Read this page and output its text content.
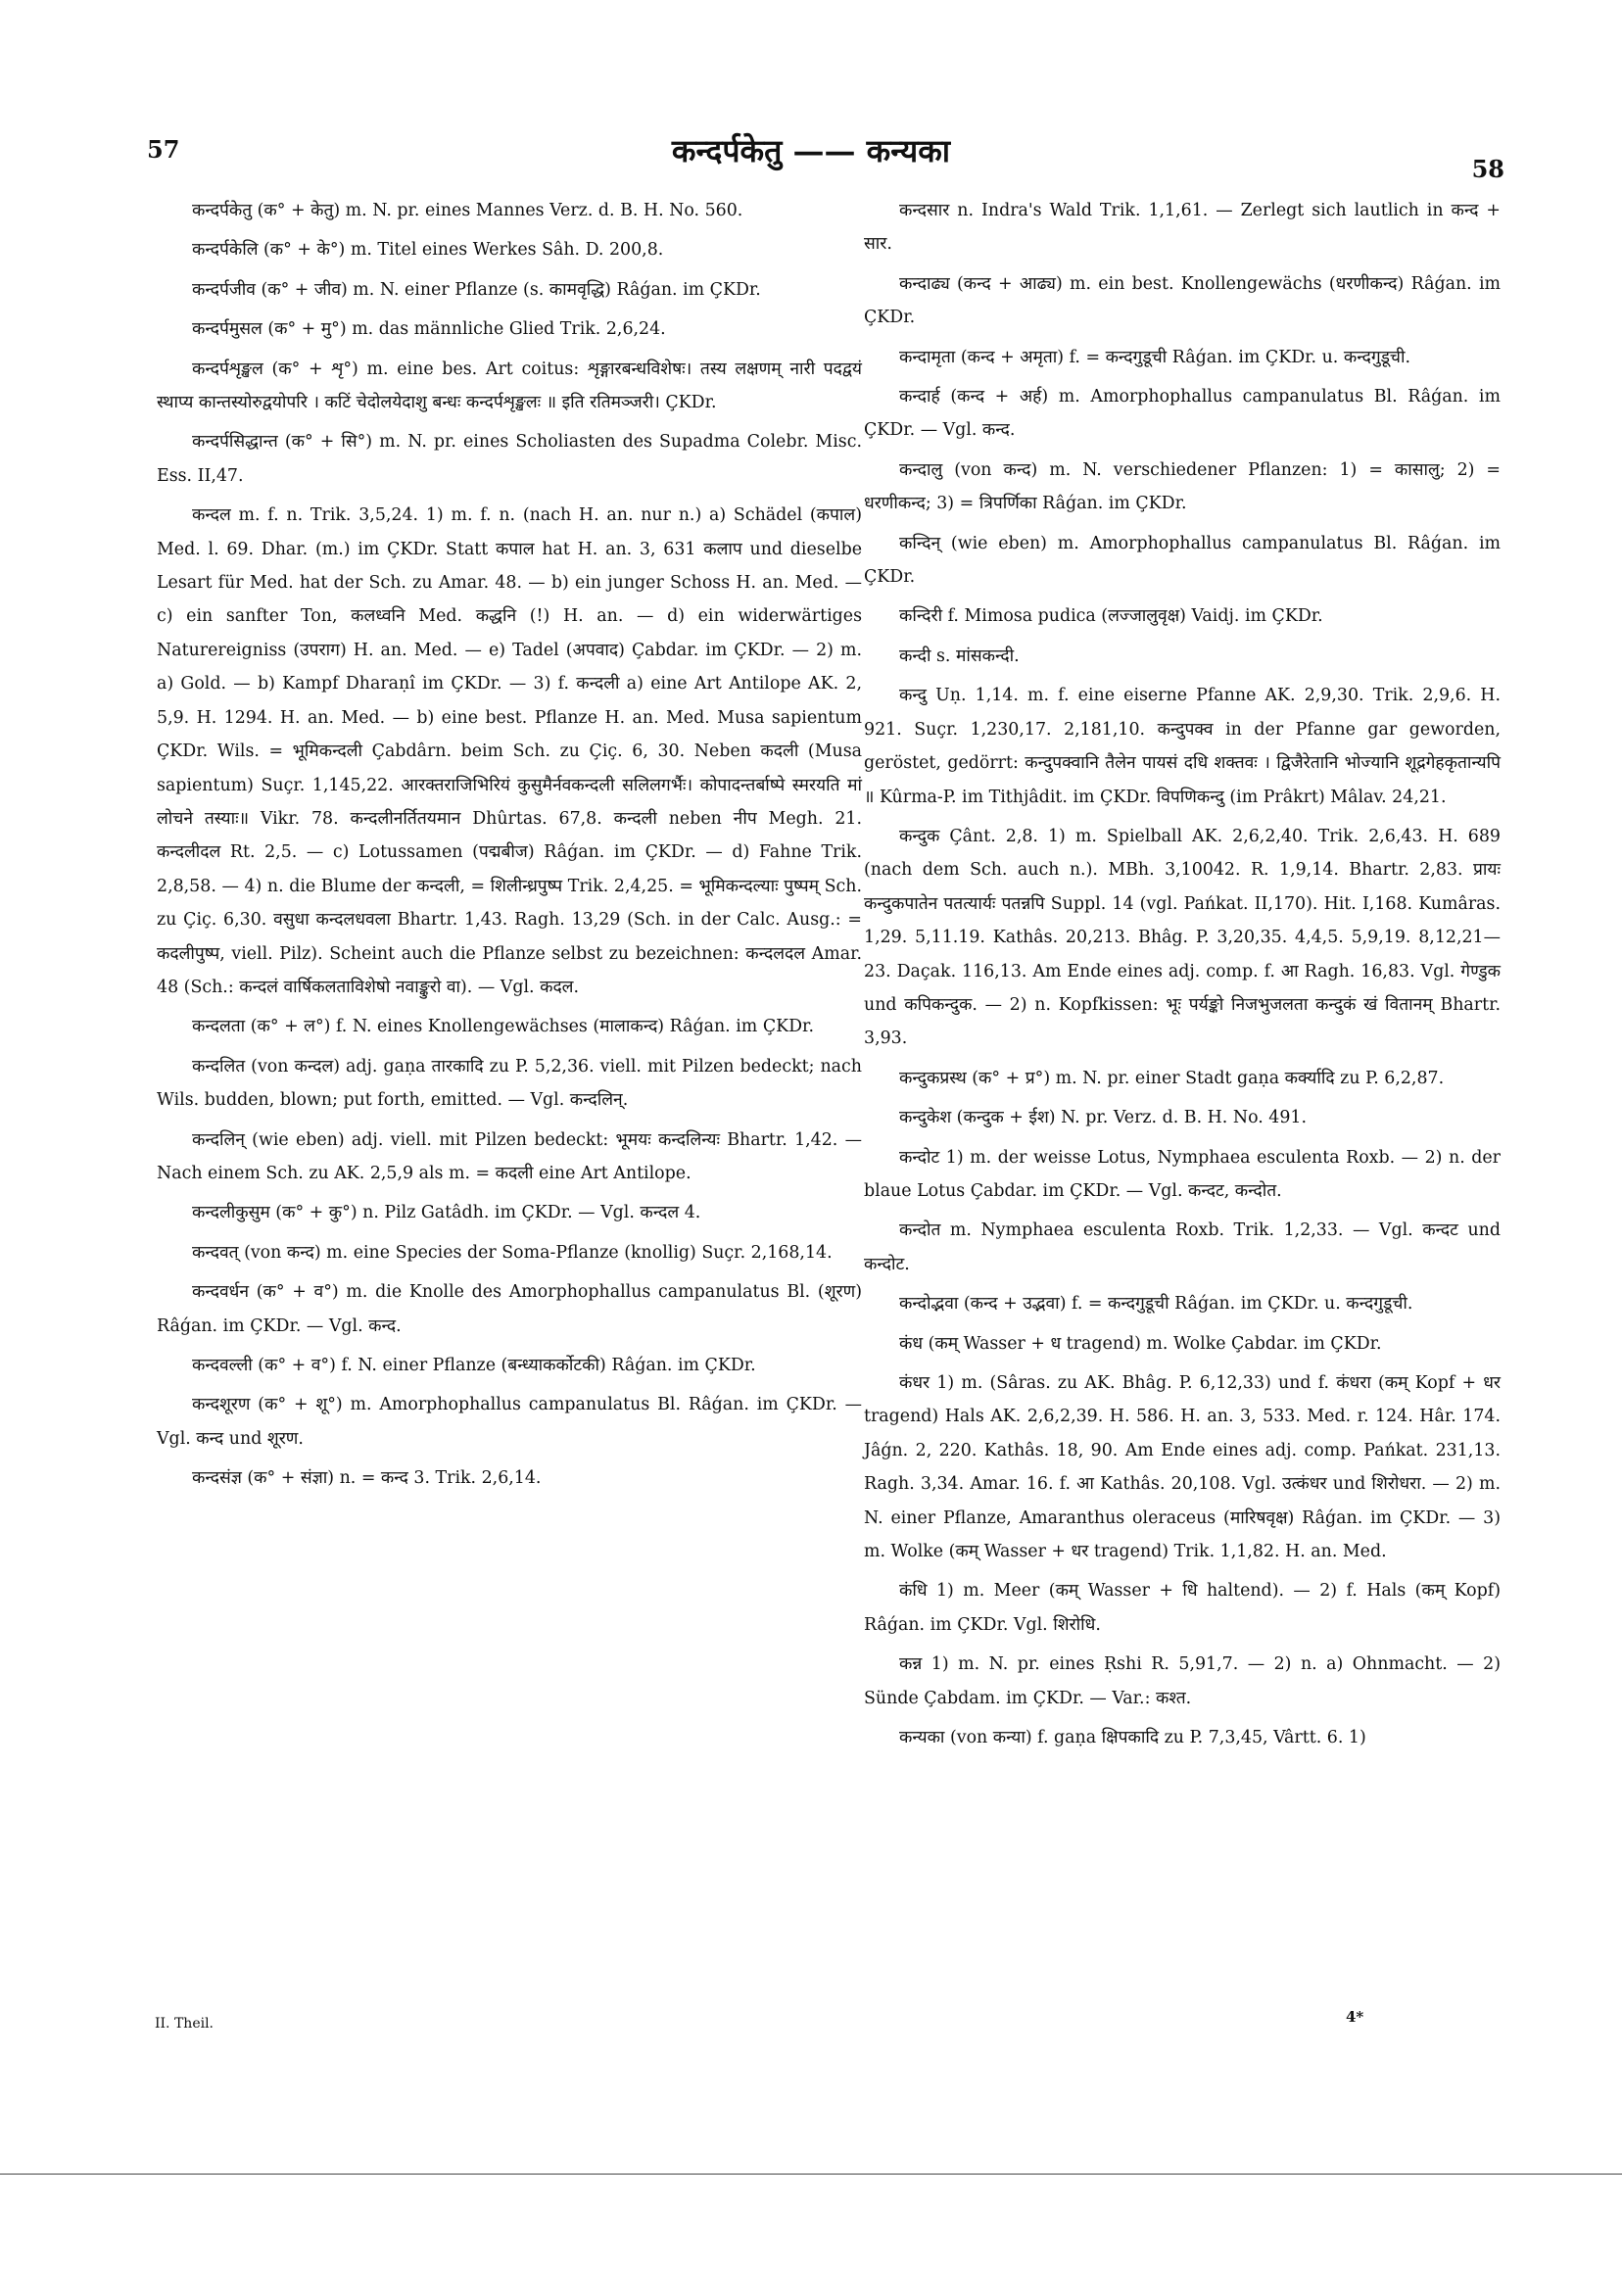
57	कन्दर्पकेतु —— कन्यका	58

कन्दर्पकेतु (क° + केतु) m. N. pr. eines Mannes Verz. d. B. H. No. 560.

कन्दर्पकेलि (क° + के°) m. Titel eines Werkes Sâh. D. 200,8.

कन्दर्पजीव (क° + जीव) m. N. einer Pflanze (s. कामवृद्धि) Râǵan. im ÇKDr.

कन्दर्पमुसल (क° + मु°) m. das männliche Glied Trik. 2,6,24.

कन्दर्पशृङ्खल (क° + शृ°) m. eine bes. Art coitus: शृङ्गारबन्धविशेषः। तस्य लक्षणम् नारी पदद्वयं स्थाप्य कान्तस्योरुद्वयोपरि । कटिं चेदोलयेदाशु बन्धः कन्दर्पशृङ्खलः ॥ इति रतिमञ्जरी। ÇKDr.

कन्दर्पसिद्धान्त (क° + सि°) m. N. pr. eines Scholiasten des Supadma Colebr. Misc. Ess. II,47.

कन्दल m. f. n. Trik. 3,5,24. 1) m. f. n. (nach H. an. nur n.) a) Schädel (कपाल) Med. l. 69. Dhar. (m.) im ÇKDr. Statt कपाल hat H. an. 3, 631 कलाप und dieselbe Lesart für Med. hat der Sch. zu Amar. 48. — b) ein junger Schoss H. an. Med. — c) ein sanfter Ton, कलध्वनि Med. कद्धनि (!) H. an. — d) ein widerwärtiges Naturereigniss (उपराग) H. an. Med. — e) Tadel (अपवाद) Çabdar. im ÇKDr. — 2) m. a) Gold. — b) Kampf Dharaṇî im ÇKDr. — 3) f. कन्दली a) eine Art Antilope AK. 2, 5,9. H. 1294. H. an. Med. — b) eine best. Pflanze H. an. Med. Musa sapientum ÇKDr. Wils. = भूमिकन्दली Çabdârn. beim Sch. zu Çiç. 6, 30. Neben कदली (Musa sapientum) Suçr. 1,145,22. आरक्तराजिभिरियं कुसुमैर्नवकन्दली सलिलगर्भैः। कोपादन्तर्बाष्पे स्मरयति मां लोचने तस्याः॥ Vikr. 78. कन्दलीनर्तितयमान Dhûrtas. 67,8. कन्दली neben नीप Megh. 21. कन्दलीदल Rt. 2,5. — c) Lotussamen (पद्मबीज) Râǵan. im ÇKDr. — d) Fahne Trik. 2,8,58. — 4) n. die Blume der कन्दली, = शिलीन्ध्रपुष्प Trik. 2,4,25. = भूमिकन्दल्याः पुष्पम् Sch. zu Çiç. 6,30. वसुधा कन्दलधवला Bhartr. 1,43. Ragh. 13,29 (Sch. in der Calc. Ausg.: = कदलीपुष्प, viell. Pilz). Scheint auch die Pflanze selbst zu bezeichnen: कन्दलदल Amar. 48 (Sch.: कन्दलं वार्षिकलताविशेषो नवाङ्कुरो वा). — Vgl. कदल.

कन्दलता (क° + ल°) f. N. eines Knollengewächses (मालाकन्द) Râǵan. im ÇKDr.

कन्दलित (von कन्दल) adj. gaṇa तारकादि zu P. 5,2,36. viell. mit Pilzen bedeckt; nach Wils. budden, blown; put forth, emitted. — Vgl. कन्दलिन्.

कन्दलिन् (wie eben) adj. viell. mit Pilzen bedeckt: भूमयः कन्दलिन्यः Bhartr. 1,42. — Nach einem Sch. zu AK. 2,5,9 als m. = कदली eine Art Antilope.

कन्दलीकुसुम (क° + कु°) n. Pilz Gatâdh. im ÇKDr. — Vgl. कन्दल 4.

कन्दवत् (von कन्द) m. eine Species der Soma-Pflanze (knollig) Suçr. 2,168,14.

कन्दवर्धन (क° + व°) m. die Knolle des Amorphophallus campanulatus Bl. (शूरण) Râǵan. im ÇKDr. — Vgl. कन्द.

कन्दवल्ली (क° + व°) f. N. einer Pflanze (बन्ध्याकर्कोटकी) Râǵan. im ÇKDr.

कन्दशूरण (क° + शू°) m. Amorphophallus campanulatus Bl. Râǵan. im ÇKDr. — Vgl. कन्द und शूरण.

कन्दसंज्ञ (क° + संज्ञा) n. = कन्द 3. Trik. 2,6,14.

कन्दसार n. Indra's Wald Trik. 1,1,61. — Zerlegt sich lautlich in कन्द + सार.

कन्दाढ्य (कन्द + आढ्य) m. ein best. Knollengewächs (धरणीकन्द) Râǵan. im ÇKDr.

कन्दामृता (कन्द + अमृता) f. = कन्दगुडूची Râǵan. im ÇKDr. u. कन्दगुडूची.

कन्दार्ह (कन्द + अर्ह) m. Amorphophallus campanulatus Bl. Râǵan. im ÇKDr. — Vgl. कन्द.

कन्दालु (von कन्द) m. N. verschiedener Pflanzen: 1) = कासालु; 2) = धरणीकन्द; 3) = त्रिपर्णिका Râǵan. im ÇKDr.

कन्दिन् (wie eben) m. Amorphophallus campanulatus Bl. Râǵan. im ÇKDr.

कन्दिरी f. Mimosa pudica (लज्जालुवृक्ष) Vaidj. im ÇKDr.

कन्दी s. मांसकन्दी.

कन्दु Uṇ. 1,14. m. f. eine eiserne Pfanne AK. 2,9,30. Trik. 2,9,6. H. 921. Suçr. 1,230,17. 2,181,10. कन्दुपक्व in der Pfanne gar geworden, geröstet, gedörrt: कन्दुपक्वानि तैलेन पायसं दधि शक्तवः । द्विजैरेतानि भोज्यानि शूद्रगेहकृतान्यपि ॥ Kûrma-P. im Tithjâdit. im ÇKDr. विपणिकन्दु (im Prâkrt) Mâlav. 24,21.

कन्दुक Çânt. 2,8. 1) m. Spielball AK. 2,6,2,40. Trik. 2,6,43. H. 689 (nach dem Sch. auch n.). MBh. 3,10042. R. 1,9,14. Bhartr. 2,83. प्रायः कन्दुकपातेन पतत्यार्यः पतन्नपि Suppl. 14 (vgl. Pańkat. II,170). Hit. I,168. Kumâras. 1,29. 5,11.19. Kathâs. 20,213. Bhâg. P. 3,20,35. 4,4,5. 5,9,19. 8,12,21—23. Daçak. 116,13. Am Ende eines adj. comp. f. आ Ragh. 16,83. Vgl. गेण्डुक und कपिकन्दुक. — 2) n. Kopfkissen: भूः पर्यङ्को निजभुजलता कन्दुकं खं वितानम् Bhartr. 3,93.

कन्दुकप्रस्थ (क° + प्र°) m. N. pr. einer Stadt gaṇa कर्क्यादि zu P. 6,2,87.

कन्दुकेश (कन्दुक + ईश) N. pr. Verz. d. B. H. No. 491.

कन्दोट 1) m. der weisse Lotus, Nymphaea esculenta Roxb. — 2) n. der blaue Lotus Çabdar. im ÇKDr. — Vgl. कन्दट, कन्दोत.

कन्दोत m. Nymphaea esculenta Roxb. Trik. 1,2,33. — Vgl. कन्दट und कन्दोट.

कन्दोद्भवा (कन्द + उद्भवा) f. = कन्दगुडूची Râǵan. im ÇKDr. u. कन्दगुडूची.

कंध (कम् Wasser + ध tragend) m. Wolke Çabdar. im ÇKDr.

कंधर 1) m. (Sâras. zu AK. Bhâg. P. 6,12,33) und f. कंधरा (कम् Kopf + धर tragend) Hals AK. 2,6,2,39. H. 586. H. an. 3, 533. Med. r. 124. Hâr. 174. Jâǵn. 2, 220. Kathâs. 18, 90. Am Ende eines adj. comp. Pańkat. 231,13. Ragh. 3,34. Amar. 16. f. आ Kathâs. 20,108. Vgl. उत्कंधर und शिरोधरा. — 2) m. N. einer Pflanze, Amaranthus oleraceus (मारिषवृक्ष) Râǵan. im ÇKDr. — 3) m. Wolke (कम् Wasser + धर tragend) Trik. 1,1,82. H. an. Med.

कंधि 1) m. Meer (कम् Wasser + धि haltend). — 2) f. Hals (कम् Kopf) Râǵan. im ÇKDr. Vgl. शिरोधि.

कन्न 1) m. N. pr. eines Ṛshi R. 5,91,7. — 2) n. a) Ohnmacht. — 2) Sünde Çabdam. im ÇKDr. — Var.: कश्त.

कन्यका (von कन्या) f. gaṇa क्षिपकादि zu P. 7,3,45, Vârtt. 6. 1)

II. Theil.	4*
